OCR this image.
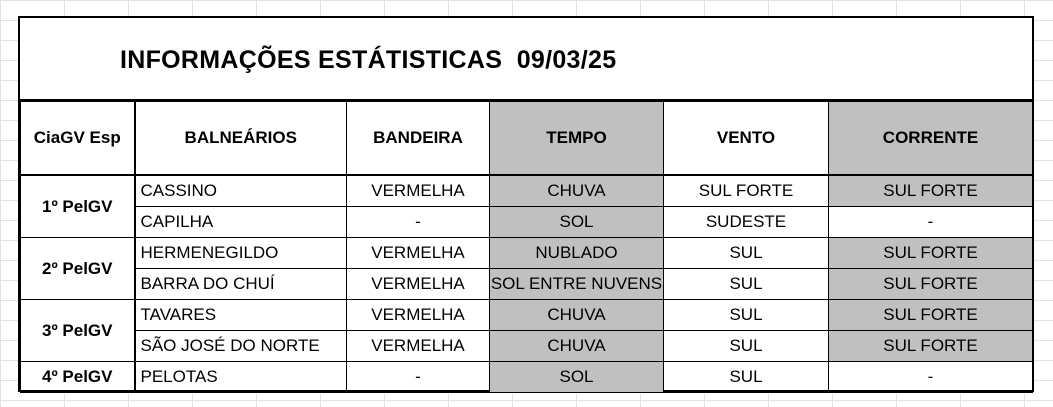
INFORMAÇÕES ESTÁTISTICAS  09/03/25
CiaGV Esp	BALNEÁRIOS	BANDEIRA	TEMPO	VENTO	CORRENTE
1º PelGV	CASSINO	VERMELHA	CHUVA	SUL FORTE	SUL FORTE
	CAPILHA	-	SOL	SUDESTE	-
2º PelGV	HERMENEGILDO	VERMELHA	NUBLADO	SUL	SUL FORTE
	BARRA DO CHUÍ	VERMELHA	SOL ENTRE NUVENS	SUL	SUL FORTE
3º PelGV	TAVARES	VERMELHA	CHUVA	SUL	SUL FORTE
	SÃO JOSÉ DO NORTE	VERMELHA	CHUVA	SUL	SUL FORTE
4º PelGV	PELOTAS	-	SOL	SUL	-
